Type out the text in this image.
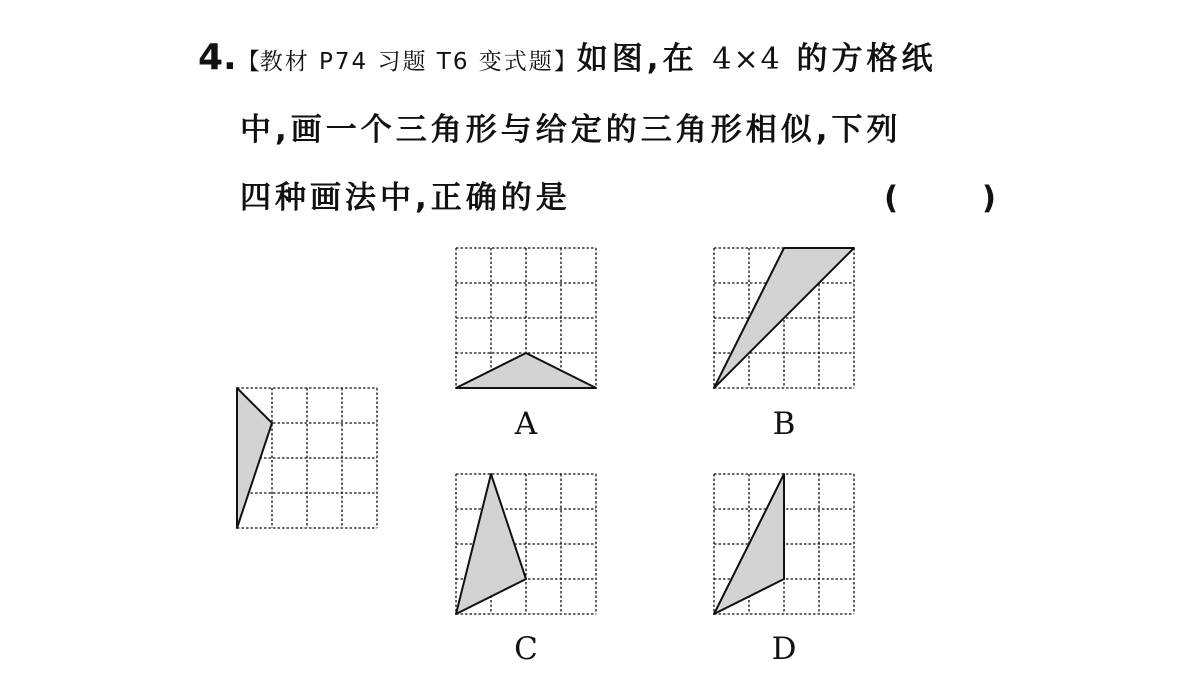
4.【教材 P74 习题 T6 变式题】如图,在 4×4 的方格纸
中,画一个三角形与给定的三角形相似,下列
四种画法中,正确的是	(	)
A	B
C	D
